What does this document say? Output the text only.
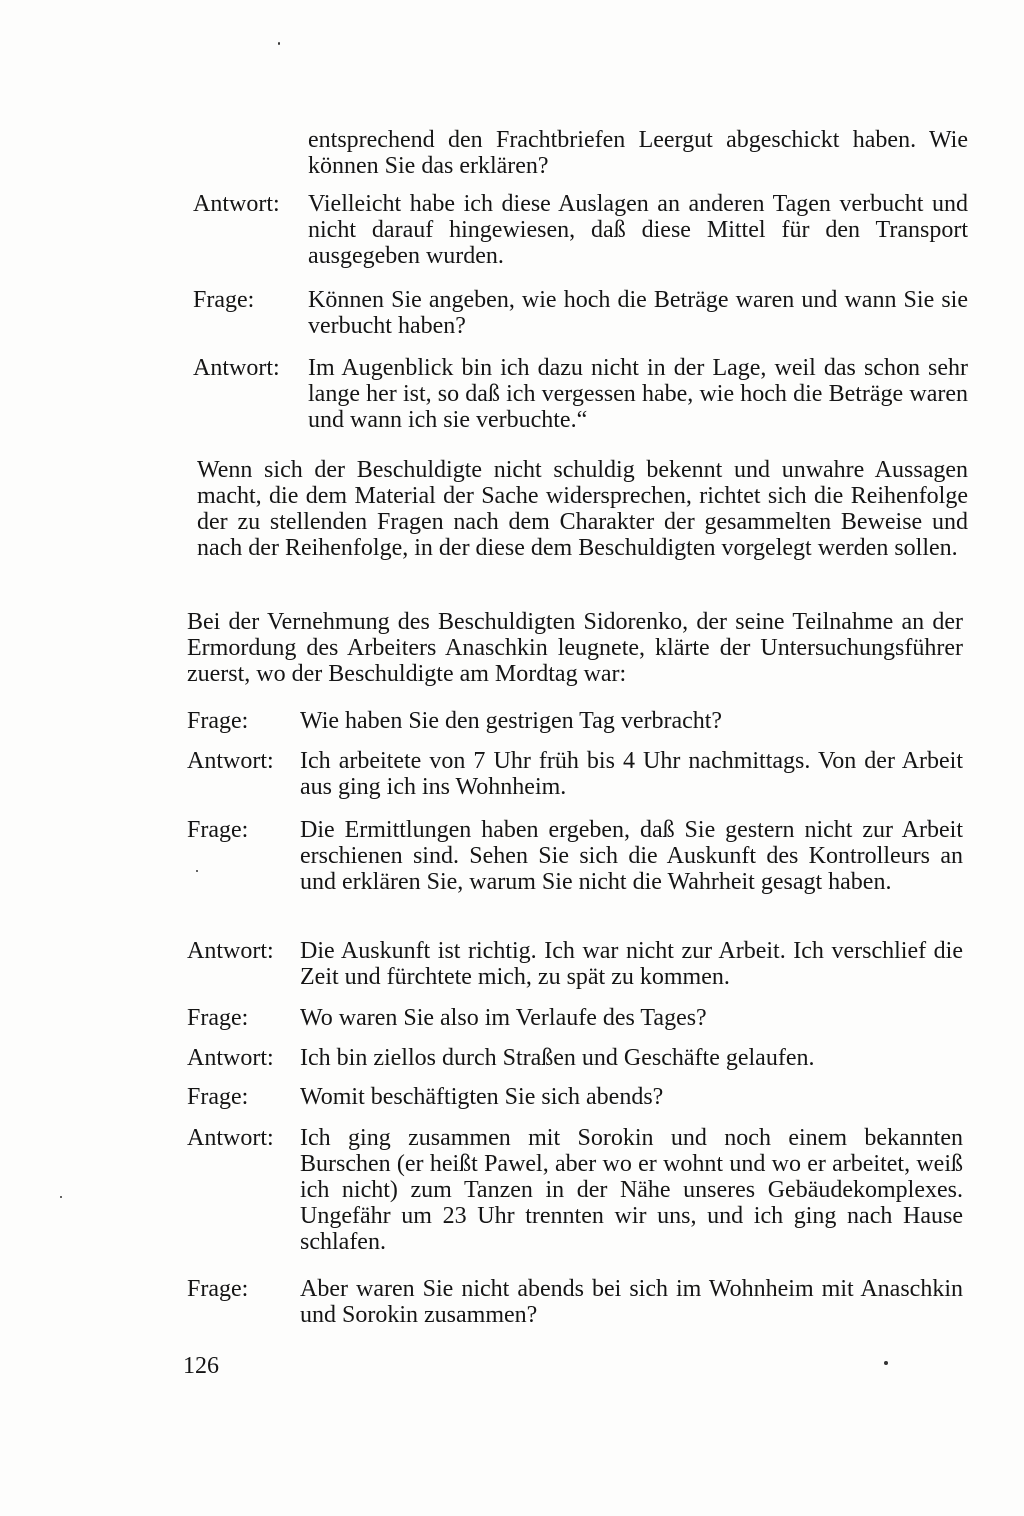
entsprechend den Frachtbriefen Leergut abgeschickt haben. Wie können Sie das erklären?

Antwort:	Vielleicht habe ich diese Auslagen an anderen Tagen verbucht und nicht darauf hingewiesen, daß diese Mittel für den Transport ausgegeben wurden.

Frage:	Können Sie angeben, wie hoch die Beträge waren und wann Sie sie verbucht haben?

Antwort:	Im Augenblick bin ich dazu nicht in der Lage, weil das schon sehr lange her ist, so daß ich vergessen habe, wie hoch die Beträge waren und wann ich sie verbuchte.“

Wenn sich der Beschuldigte nicht schuldig bekennt und unwahre Aussagen macht, die dem Material der Sache widersprechen, richtet sich die Reihenfolge der zu stellenden Fragen nach dem Charakter der gesammelten Beweise und nach der Reihenfolge, in der diese dem Beschuldigten vorgelegt werden sollen.

Bei der Vernehmung des Beschuldigten Sidorenko, der seine Teilnahme an der Ermordung des Arbeiters Anaschkin leugnete, klärte der Untersuchungsführer zuerst, wo der Beschuldigte am Mordtag war:

Frage:	Wie haben Sie den gestrigen Tag verbracht?

Antwort:	Ich arbeitete von 7 Uhr früh bis 4 Uhr nachmittags. Von der Arbeit aus ging ich ins Wohnheim.

Frage:	Die Ermittlungen haben ergeben, daß Sie gestern nicht zur Arbeit erschienen sind. Sehen Sie sich die Auskunft des Kontrolleurs an und erklären Sie, warum Sie nicht die Wahrheit gesagt haben.

Antwort:	Die Auskunft ist richtig. Ich war nicht zur Arbeit. Ich verschlief die Zeit und fürchtete mich, zu spät zu kommen.

Frage:	Wo waren Sie also im Verlaufe des Tages?

Antwort:	Ich bin ziellos durch Straßen und Geschäfte gelaufen.

Frage:	Womit beschäftigten Sie sich abends?

Antwort:	Ich ging zusammen mit Sorokin und noch einem bekannten Burschen (er heißt Pawel, aber wo er wohnt und wo er arbeitet, weiß ich nicht) zum Tanzen in der Nähe unseres Gebäudekomplexes. Ungefähr um 23 Uhr trennten wir uns, und ich ging nach Hause schlafen.

Frage:	Aber waren Sie nicht abends bei sich im Wohnheim mit Anaschkin und Sorokin zusammen?

126
